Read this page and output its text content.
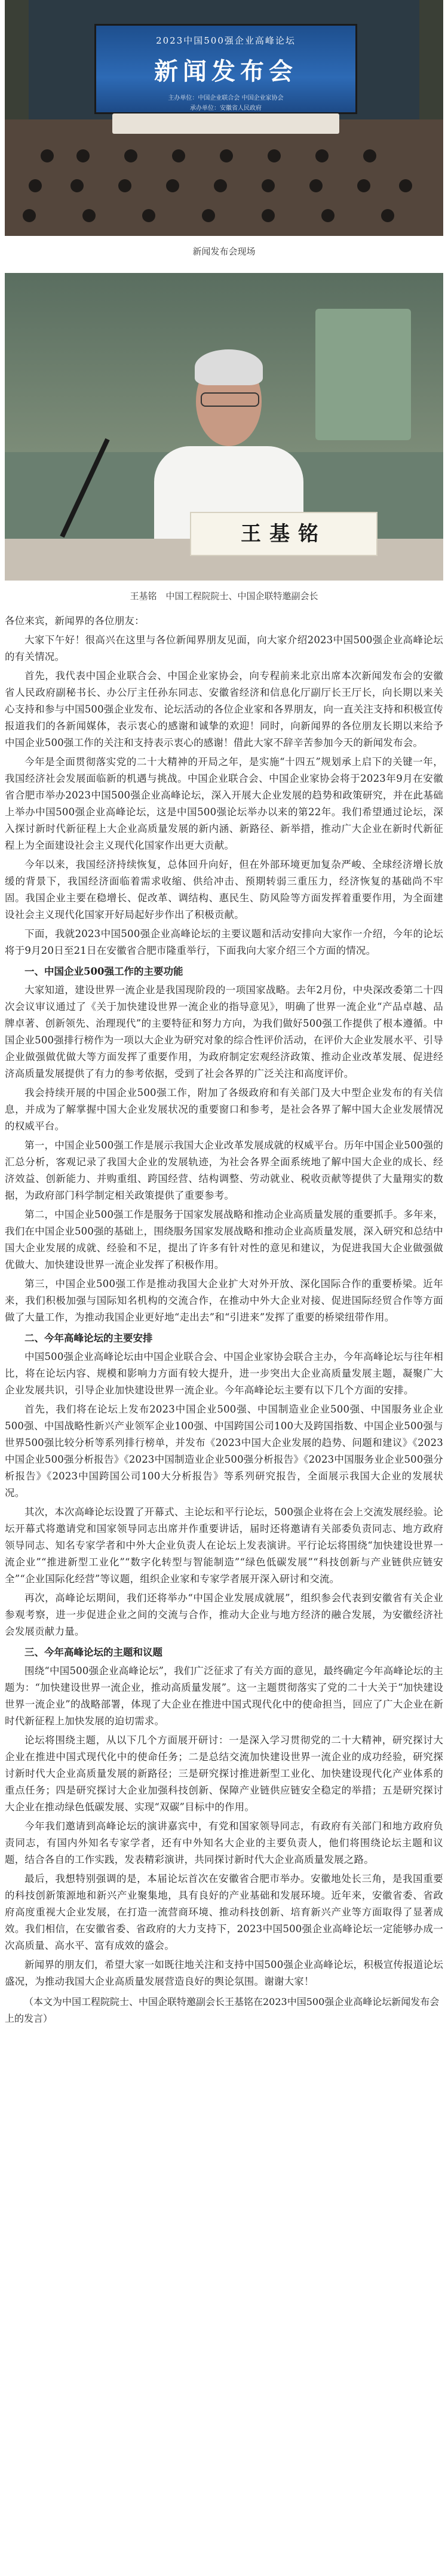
2023中国500强企业高峰论坛
新闻发布会
主办单位：中国企业联合会 中国企业家协会
承办单位：安徽省人民政府
新闻发布会现场
王基铭
王基铭　中国工程院院士、中国企联特邀副会长

各位来宾，新闻界的各位朋友：

大家下午好！很高兴在这里与各位新闻界朋友见面，向大家介绍2023中国500强企业高峰论坛的有关情况。

首先，我代表中国企业联合会、中国企业家协会，向专程前来北京出席本次新闻发布会的安徽省人民政府副秘书长、办公厅主任孙东同志、安徽省经济和信息化厅副厅长王厅长，向长期以来关心支持和参与中国500强企业发布、论坛活动的各位企业家和各界朋友，向一直关注支持和积极宣传报道我们的各新闻媒体，表示衷心的感谢和诚挚的欢迎！同时，向新闻界的各位朋友长期以来给予中国企业500强工作的关注和支持表示衷心的感谢！借此大家不辞辛苦参加今天的新闻发布会。

今年是全面贯彻落实党的二十大精神的开局之年，是实施“十四五”规划承上启下的关键一年，我国经济社会发展面临新的机遇与挑战。中国企业联合会、中国企业家协会将于2023年9月在安徽省合肥市举办2023中国500强企业高峰论坛，深入开展大企业发展的趋势和政策研究，并在此基础上举办中国500强企业高峰论坛，这是中国500强论坛举办以来的第22年。我们希望通过论坛，深入探讨新时代新征程上大企业高质量发展的新内涵、新路径、新举措，推动广大企业在新时代新征程上为全面建设社会主义现代化国家作出更大贡献。

今年以来，我国经济持续恢复，总体回升向好，但在外部环境更加复杂严峻、全球经济增长放缓的背景下，我国经济面临着需求收缩、供给冲击、预期转弱三重压力，经济恢复的基础尚不牢固。我国企业主要在稳增长、促改革、调结构、惠民生、防风险等方面发挥着重要作用，为全面建设社会主义现代化国家开好局起好步作出了积极贡献。

下面，我就2023中国500强企业高峰论坛的主要议题和活动安排向大家作一介绍，今年的论坛将于9月20日至21日在安徽省合肥市隆重举行，下面我向大家介绍三个方面的情况。

一、中国企业500强工作的主要功能

大家知道，建设世界一流企业是我国现阶段的一项国家战略。去年2月份，中央深改委第二十四次会议审议通过了《关于加快建设世界一流企业的指导意见》，明确了世界一流企业“产品卓越、品牌卓著、创新领先、治理现代”的主要特征和努力方向，为我们做好500强工作提供了根本遵循。中国企业500强排行榜作为一项以大企业为研究对象的综合性评价活动，在评价大企业发展水平、引导企业做强做优做大等方面发挥了重要作用，为政府制定宏观经济政策、推动企业改革发展、促进经济高质量发展提供了有力的参考依据，受到了社会各界的广泛关注和高度评价。

我会持续开展的中国企业500强工作，附加了各级政府和有关部门及大中型企业发布的有关信息，并成为了解掌握中国大企业发展状况的重要窗口和参考，是社会各界了解中国大企业发展情况的权威平台。

第一，中国企业500强工作是展示我国大企业改革发展成就的权威平台。历年中国企业500强的汇总分析，客观记录了我国大企业的发展轨迹，为社会各界全面系统地了解中国大企业的成长、经济效益、创新能力、并购重组、跨国经营、结构调整、劳动就业、税收贡献等提供了大量翔实的数据，为政府部门科学制定相关政策提供了重要参考。

第二，中国企业500强工作是服务于国家发展战略和推动企业高质量发展的重要抓手。多年来，我们在中国企业500强的基础上，围绕服务国家发展战略和推动企业高质量发展，深入研究和总结中国大企业发展的成就、经验和不足，提出了许多有针对性的意见和建议，为促进我国大企业做强做优做大、加快建设世界一流企业发挥了积极作用。

第三，中国企业500强工作是推动我国大企业扩大对外开放、深化国际合作的重要桥梁。近年来，我们积极加强与国际知名机构的交流合作，在推动中外大企业对接、促进国际经贸合作等方面做了大量工作，为推动我国企业更好地“走出去”和“引进来”发挥了重要的桥梁纽带作用。

二、今年高峰论坛的主要安排

中国500强企业高峰论坛由中国企业联合会、中国企业家协会联合主办，今年高峰论坛与往年相比，将在论坛内容、规模和影响力方面有较大提升，进一步突出大企业高质量发展主题，凝聚广大企业发展共识，引导企业加快建设世界一流企业。今年高峰论坛主要有以下几个方面的安排。

首先，我们将在论坛上发布2023中国企业500强、中国制造业企业500强、中国服务业企业500强、中国战略性新兴产业领军企业100强、中国跨国公司100大及跨国指数、中国企业500强与世界500强比较分析等系列排行榜单，并发布《2023中国大企业发展的趋势、问题和建议》《2023中国企业500强分析报告》《2023中国制造业企业500强分析报告》《2023中国服务业企业500强分析报告》《2023中国跨国公司100大分析报告》等系列研究报告，全面展示我国大企业的发展状况。

其次，本次高峰论坛设置了开幕式、主论坛和平行论坛，500强企业将在会上交流发展经验。论坛开幕式将邀请党和国家领导同志出席并作重要讲话，届时还将邀请有关部委负责同志、地方政府领导同志、知名专家学者和中外大企业负责人在论坛上发表演讲。平行论坛将围绕“加快建设世界一流企业”“推进新型工业化”“数字化转型与智能制造”“绿色低碳发展”“科技创新与产业链供应链安全”“企业国际化经营”等议题，组织企业家和专家学者展开深入研讨和交流。

再次，高峰论坛期间，我们还将举办“中国企业发展成就展”，组织参会代表到安徽省有关企业参观考察，进一步促进企业之间的交流与合作，推动大企业与地方经济的融合发展，为安徽经济社会发展贡献力量。

三、今年高峰论坛的主题和议题

围绕“中国500强企业高峰论坛”，我们广泛征求了有关方面的意见，最终确定今年高峰论坛的主题为：“加快建设世界一流企业，推动高质量发展”。这一主题贯彻落实了党的二十大关于“加快建设世界一流企业”的战略部署，体现了大企业在推进中国式现代化中的使命担当，回应了广大企业在新时代新征程上加快发展的迫切需求。

论坛将围绕主题，从以下几个方面展开研讨：一是深入学习贯彻党的二十大精神，研究探讨大企业在推进中国式现代化中的使命任务；二是总结交流加快建设世界一流企业的成功经验，研究探讨新时代大企业高质量发展的新路径；三是研究探讨推进新型工业化、加快建设现代化产业体系的重点任务；四是研究探讨大企业加强科技创新、保障产业链供应链安全稳定的举措；五是研究探讨大企业在推动绿色低碳发展、实现“双碳”目标中的作用。

今年我们邀请到高峰论坛的演讲嘉宾中，有党和国家领导同志，有政府有关部门和地方政府负责同志，有国内外知名专家学者，还有中外知名大企业的主要负责人，他们将围绕论坛主题和议题，结合各自的工作实践，发表精彩演讲，共同探讨新时代大企业高质量发展之路。

最后，我想特别强调的是，本届论坛首次在安徽省合肥市举办。安徽地处长三角，是我国重要的科技创新策源地和新兴产业聚集地，具有良好的产业基础和发展环境。近年来，安徽省委、省政府高度重视大企业发展，在打造一流营商环境、推动科技创新、培育新兴产业等方面取得了显著成效。我们相信，在安徽省委、省政府的大力支持下，2023中国500强企业高峰论坛一定能够办成一次高质量、高水平、富有成效的盛会。

新闻界的朋友们，希望大家一如既往地关注和支持中国500强企业高峰论坛，积极宣传报道论坛盛况，为推动我国大企业高质量发展营造良好的舆论氛围。谢谢大家！

（本文为中国工程院院士、中国企联特邀副会长王基铭在2023中国500强企业高峰论坛新闻发布会上的发言）
